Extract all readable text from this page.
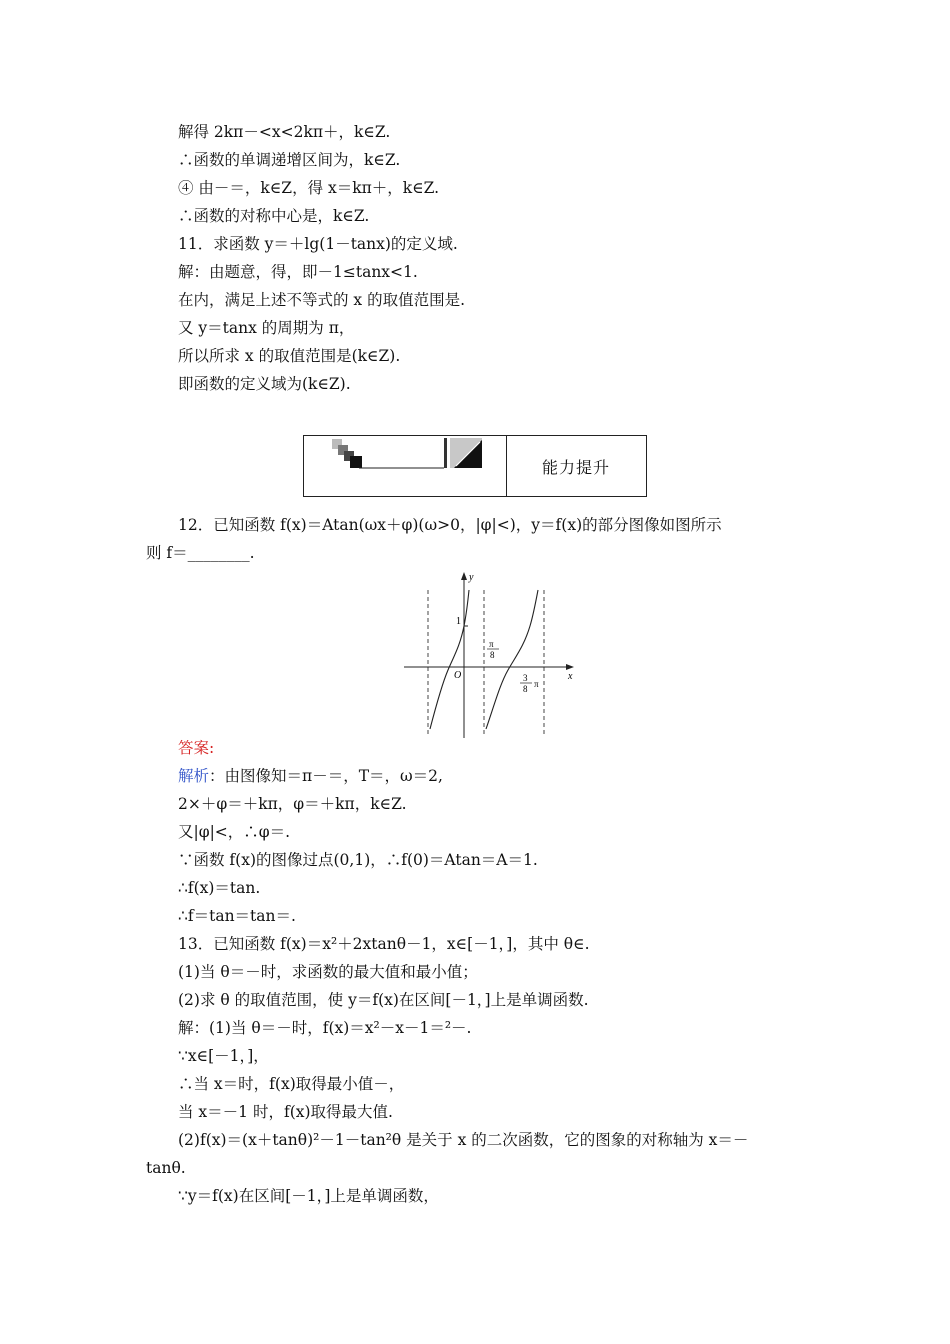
解得 2kπ－<x<2kπ＋，k∈Z.
∴函数的单调递增区间为，k∈Z.
④ 由－＝，k∈Z，得 x＝kπ＋，k∈Z.
∴函数的对称中心是，k∈Z.
11．求函数 y＝＋lg(1－tanx)的定义域.
解：由题意，得，即－1≤tanx<1.
在内，满足上述不等式的 x 的取值范围是.
又 y＝tanx 的周期为 π，
所以所求 x 的取值范围是(k∈Z).
即函数的定义域为(k∈Z).
能力提升
12．已知函数 f(x)＝Atan(ωx＋φ)(ω>0，|φ|<)，y＝f(x)的部分图像如图所示
则 f＝________.
y
x
O
1
π
8
3
8 π
答案:
解析：由图像知＝π－＝，T＝，ω＝2,
2×＋φ＝＋kπ，φ＝＋kπ，k∈Z.
又|φ|<，∴φ＝.
∵函数 f(x)的图像过点(0,1)，∴f(0)＝Atan＝A＝1.
∴f(x)＝tan.
∴f＝tan＝tan＝.
13．已知函数 f(x)＝x²＋2xtanθ－1，x∈[－1，]，其中 θ∈.
(1)当 θ＝－时，求函数的最大值和最小值；
(2)求 θ 的取值范围，使 y＝f(x)在区间[－1，]上是单调函数.
解：(1)当 θ＝－时，f(x)＝x²－x－1＝²－.
∵x∈[－1，]，
∴当 x＝时，f(x)取得最小值－，
当 x＝－1 时，f(x)取得最大值.
(2)f(x)＝(x＋tanθ)²－1－tan²θ 是关于 x 的二次函数，它的图象的对称轴为 x＝－
tanθ.
∵y＝f(x)在区间[－1，]上是单调函数，
